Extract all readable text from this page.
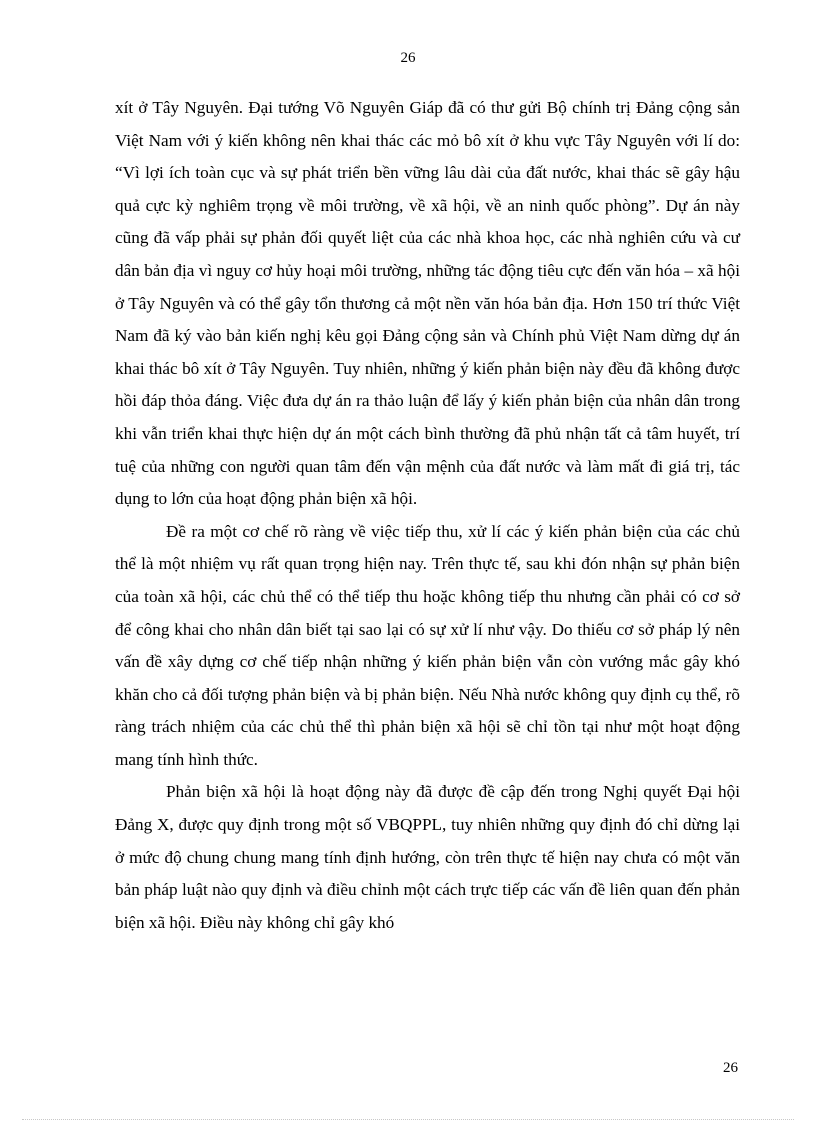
26

xít ở Tây Nguyên. Đại tướng Võ Nguyên Giáp đã có thư gửi Bộ chính trị Đảng cộng sản Việt Nam với ý kiến không nên khai thác các mỏ bô xít ở khu vực Tây Nguyên với lí do: “Vì lợi ích toàn cục và sự phát triển bền vững lâu dài của đất nước, khai thác sẽ gây hậu quả cực kỳ nghiêm trọng về môi trường, về xã hội, về an ninh quốc phòng”. Dự án này cũng đã vấp phải sự phản đối quyết liệt của các nhà khoa học, các nhà nghiên cứu và cư dân bản địa vì nguy cơ hủy hoại môi trường, những tác động tiêu cực đến văn hóa – xã hội ở Tây Nguyên và có thể gây tổn thương cả một nền văn hóa bản địa. Hơn 150 trí thức Việt Nam đã ký vào bản kiến nghị kêu gọi Đảng cộng sản và Chính phủ Việt Nam dừng dự án khai thác bô xít ở Tây Nguyên. Tuy nhiên, những ý kiến phản biện này đều đã không được hồi đáp thỏa đáng. Việc đưa dự án ra thảo luận để lấy ý kiến phản biện của nhân dân trong khi vẫn triển khai thực hiện dự án một cách bình thường đã phủ nhận tất cả tâm huyết, trí tuệ của những con người quan tâm đến vận mệnh của đất nước và làm mất đi giá trị, tác dụng to lớn của hoạt động phản biện xã hội.

Đề ra một cơ chế rõ ràng về việc tiếp thu, xử lí các ý kiến phản biện của các chủ thể là một nhiệm vụ rất quan trọng hiện nay. Trên thực tế, sau khi đón nhận sự phản biện của toàn xã hội, các chủ thể có thể tiếp thu hoặc không tiếp thu nhưng cần phải có cơ sở để công khai cho nhân dân biết tại sao lại có sự xử lí như vậy. Do thiếu cơ sở pháp lý nên vấn đề xây dựng cơ chế tiếp nhận những ý kiến phản biện vẫn còn vướng mắc gây khó khăn cho cả đối tượng phản biện và bị phản biện. Nếu Nhà nước không quy định cụ thể, rõ ràng trách nhiệm của các chủ thể thì phản biện xã hội sẽ chỉ tồn tại như một hoạt động mang tính hình thức.

Phản biện xã hội là hoạt động này đã được đề cập đến trong Nghị quyết Đại hội Đảng X, được quy định trong một số VBQPPL, tuy nhiên những quy định đó chỉ dừng lại ở mức độ chung chung mang tính định hướng, còn trên thực tế hiện nay chưa có một văn bản pháp luật nào quy định và điều chỉnh một cách trực tiếp các vấn đề liên quan đến phản biện xã hội. Điều này không chỉ gây khó

26
